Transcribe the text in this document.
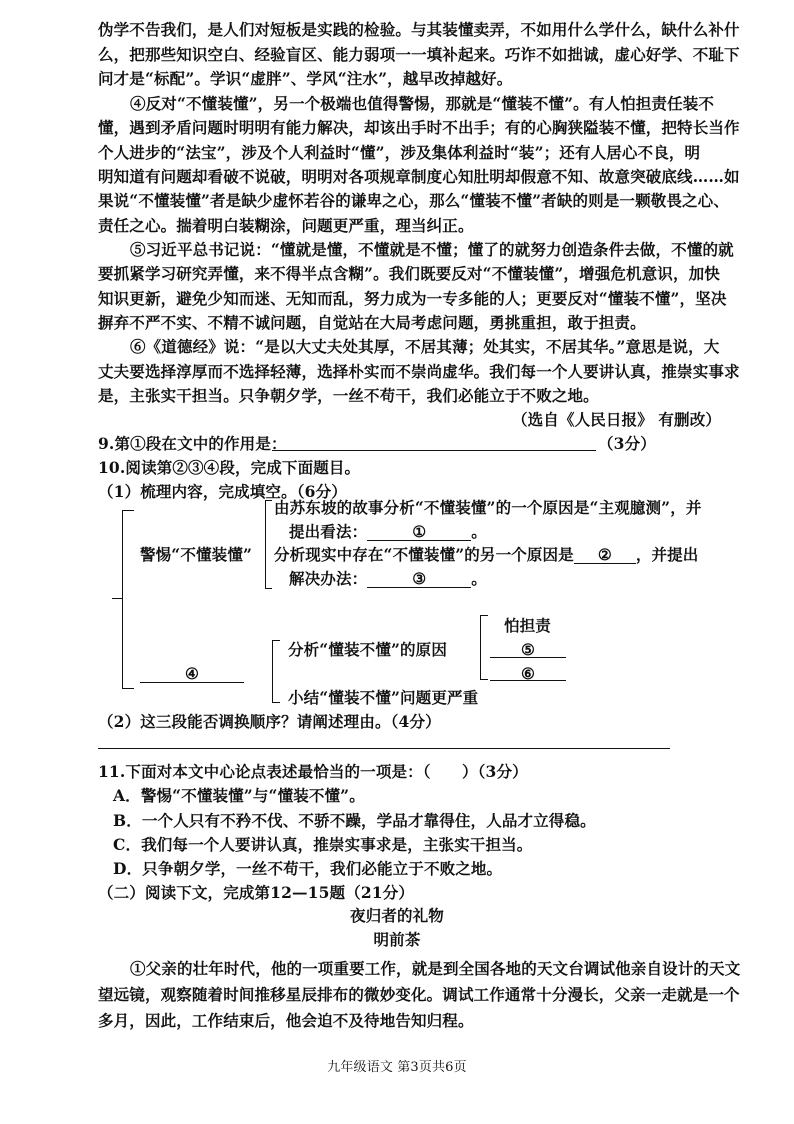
伪学不告我们，是人们对短板是实践的检验。与其装懂卖弄，不如用什么学什么，缺什么补什
么，把那些知识空白、经验盲区、能力弱项一一填补起来。巧诈不如拙诚，虚心好学、不耻下
问才是“标配”。学识“虚胖”、学风“注水”，越早改掉越好。
④反对“不懂装懂”，另一个极端也值得警惕，那就是“懂装不懂”。有人怕担责任装不
懂，遇到矛盾问题时明明有能力解决，却该出手时不出手；有的心胸狭隘装不懂，把特长当作
个人进步的“法宝”，涉及个人利益时“懂”，涉及集体利益时“装”；还有人居心不良，明
明知道有问题却看破不说破，明明对各项规章制度心知肚明却假意不知、故意突破底线……如
果说“不懂装懂”者是缺少虚怀若谷的谦卑之心，那么“懂装不懂”者缺的则是一颗敬畏之心、
责任之心。揣着明白装糊涂，问题更严重，理当纠正。
⑤习近平总书记说：“懂就是懂，不懂就是不懂；懂了的就努力创造条件去做，不懂的就
要抓紧学习研究弄懂，来不得半点含糊”。我们既要反对“不懂装懂”，增强危机意识，加快
知识更新，避免少知而迷、无知而乱，努力成为一专多能的人；更要反对“懂装不懂”，坚决
摒弃不严不实、不精不诚问题，自觉站在大局考虑问题，勇挑重担，敢于担责。
⑥《道德经》说：“是以大丈夫处其厚，不居其薄；处其实，不居其华。”意思是说，大
丈夫要选择淳厚而不选择轻薄，选择朴实而不崇尚虚华。我们每一个人要讲认真，推崇实事求
是，主张实干担当。只争朝夕学，一丝不苟干，我们必能立于不败之地。
（选自《人民日报》 有删改）
9.第①段在文中的作用是：	（3分）
10.阅读第②③④段，完成下面题目。
（1）梳理内容，完成填空。（6分）
警惕“不懂装懂”
由苏东坡的故事分析“不懂装懂”的一个原因是“主观臆测”，并
提出看法：	①	。
分析现实中存在“不懂装懂”的另一个原因是 ② ，并提出
解决办法：	③	。
④
分析“懂装不懂”的原因
小结“懂装不懂”问题更严重
怕担责
⑤
⑥
（2）这三段能否调换顺序？请阐述理由。（4分）
11.下面对本文中心论点表述最恰当的一项是：（　　）（3分）
A．警惕“不懂装懂”与“懂装不懂”。
B．一个人只有不矜不伐、不骄不躁，学品才靠得住，人品才立得稳。
C．我们每一个人要讲认真，推崇实事求是，主张实干担当。
D．只争朝夕学，一丝不苟干，我们必能立于不败之地。
（二）阅读下文，完成第12—15题（21分）
夜归者的礼物
明前茶
①父亲的壮年时代，他的一项重要工作，就是到全国各地的天文台调试他亲自设计的天文
望远镜，观察随着时间推移星辰排布的微妙变化。调试工作通常十分漫长，父亲一走就是一个
多月，因此，工作结束后，他会迫不及待地告知归程。
九年级语文 第3页共6页
